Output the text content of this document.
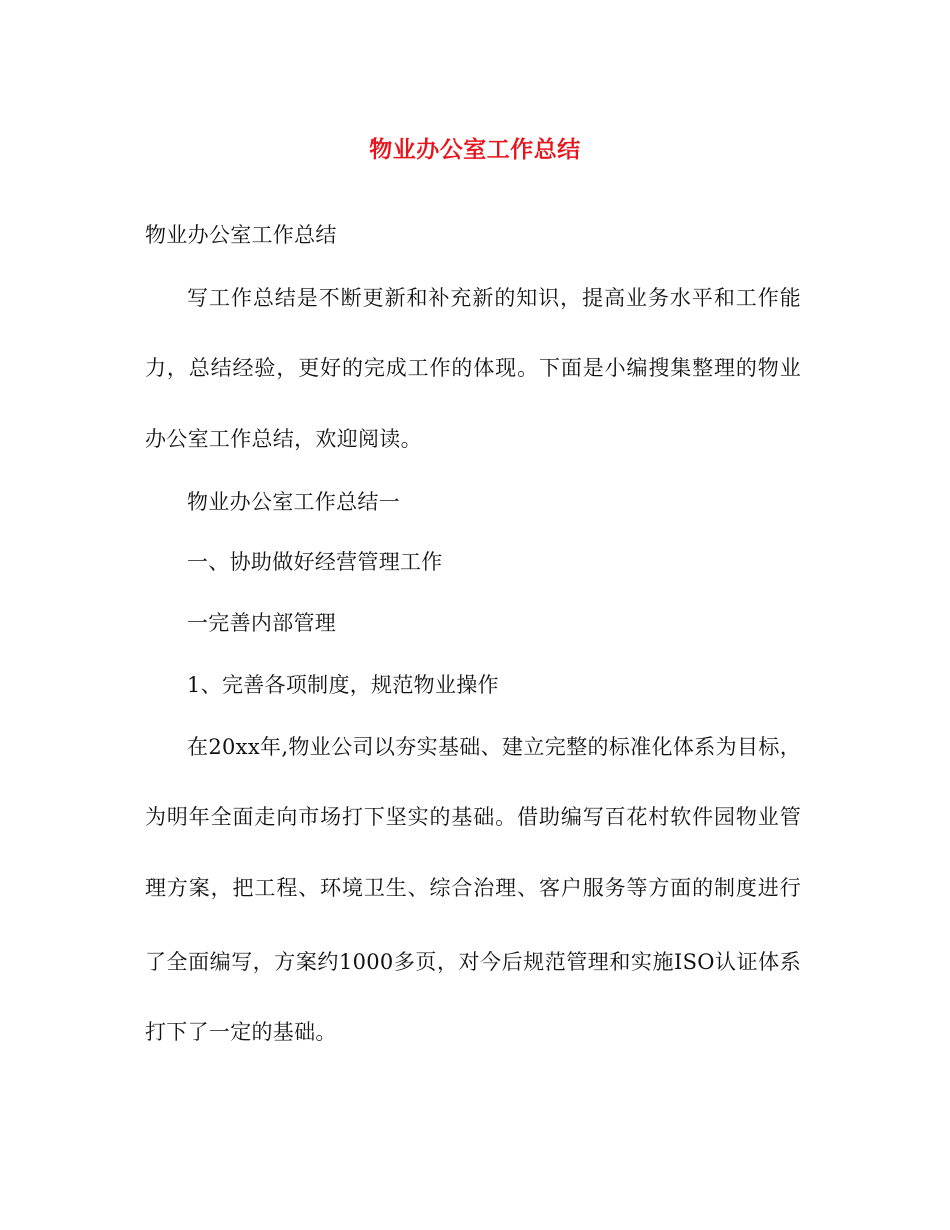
物业办公室工作总结
物业办公室工作总结
写工作总结是不断更新和补充新的知识，提高业务水平和工作能
力，总结经验，更好的完成工作的体现。下面是小编搜集整理的物业
办公室工作总结，欢迎阅读。
物业办公室工作总结一
一、协助做好经营管理工作
一完善内部管理
1、完善各项制度，规范物业操作
在20xx年,物业公司以夯实基础、建立完整的标准化体系为目标，
为明年全面走向市场打下坚实的基础。借助编写百花村软件园物业管
理方案，把工程、环境卫生、综合治理、客户服务等方面的制度进行
了全面编写，方案约1000多页，对今后规范管理和实施ISO认证体系
打下了一定的基础。
